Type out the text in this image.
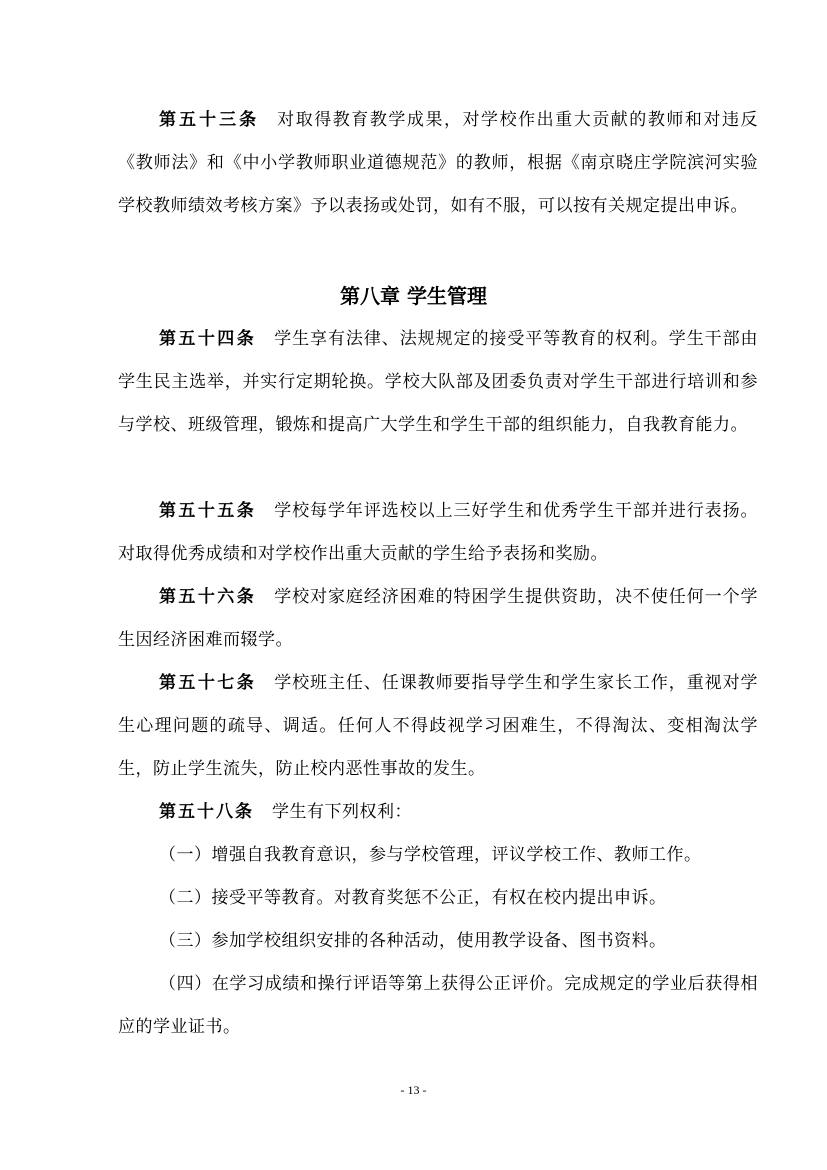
第五十三条 对取得教育教学成果，对学校作出重大贡献的教师和对违反《教师法》和《中小学教师职业道德规范》的教师，根据《南京晓庄学院滨河实验学校教师绩效考核方案》予以表扬或处罚，如有不服，可以按有关规定提出申诉。

第八章 学生管理

第五十四条 学生享有法律、法规规定的接受平等教育的权利。学生干部由学生民主选举，并实行定期轮换。学校大队部及团委负责对学生干部进行培训和参与学校、班级管理，锻炼和提高广大学生和学生干部的组织能力，自我教育能力。

第五十五条 学校每学年评选校以上三好学生和优秀学生干部并进行表扬。对取得优秀成绩和对学校作出重大贡献的学生给予表扬和奖励。

第五十六条 学校对家庭经济困难的特困学生提供资助，决不使任何一个学生因经济困难而辍学。

第五十七条 学校班主任、任课教师要指导学生和学生家长工作，重视对学生心理问题的疏导、调适。任何人不得歧视学习困难生，不得淘汰、变相淘汰学生，防止学生流失，防止校内恶性事故的发生。

第五十八条 学生有下列权利：

（一）增强自我教育意识，参与学校管理，评议学校工作、教师工作。

（二）接受平等教育。对教育奖惩不公正，有权在校内提出申诉。

（三）参加学校组织安排的各种活动，使用教学设备、图书资料。

（四）在学习成绩和操行评语等第上获得公正评价。完成规定的学业后获得相应的学业证书。

- 13 -
